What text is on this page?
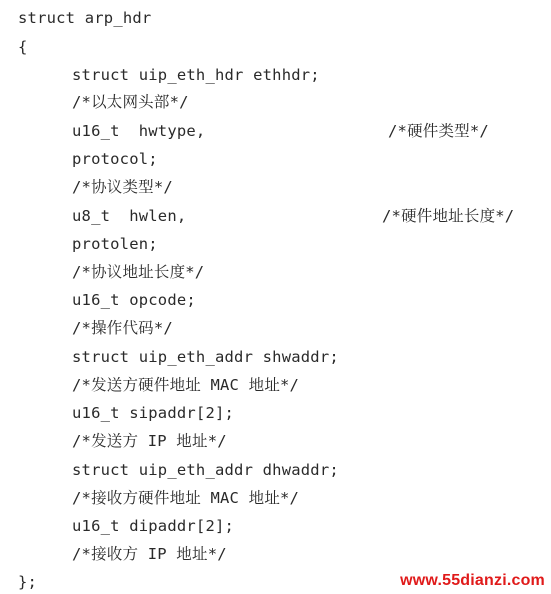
struct arp_hdr
{
struct uip_eth_hdr ethhdr;
/*以太网头部*/
u16_t  hwtype,	/*硬件类型*/
protocol;
/*协议类型*/
u8_t  hwlen,	/*硬件地址长度*/
protolen;
/*协议地址长度*/
u16_t opcode;
/*操作代码*/
struct uip_eth_addr shwaddr;
/*发送方硬件地址 MAC 地址*/
u16_t sipaddr[2];
/*发送方 IP 地址*/
struct uip_eth_addr dhwaddr;
/*接收方硬件地址 MAC 地址*/
u16_t dipaddr[2];
/*接收方 IP 地址*/
};	www.55dianzi.com
